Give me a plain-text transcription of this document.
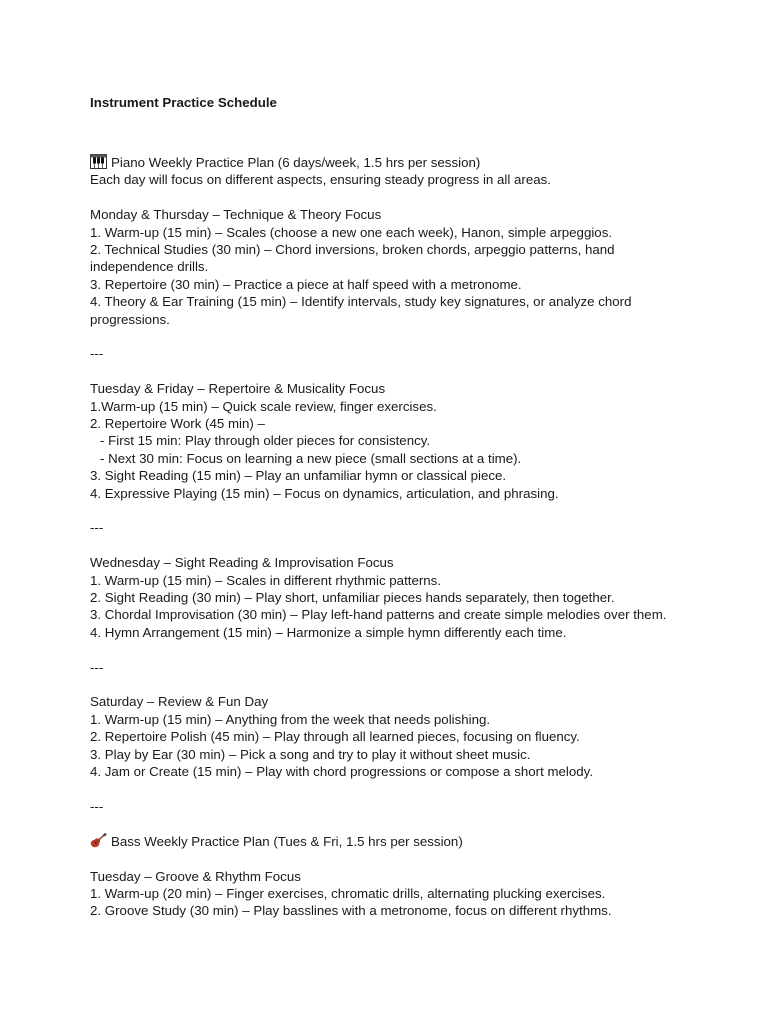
Instrument Practice Schedule

Piano Weekly Practice Plan (6 days/week, 1.5 hrs per session)

Each day will focus on different aspects, ensuring steady progress in all areas.

Monday & Thursday – Technique & Theory Focus

1. Warm-up (15 min) – Scales (choose a new one each week), Hanon, simple arpeggios.

2. Technical Studies (30 min) – Chord inversions, broken chords, arpeggio patterns, hand independence drills.

3. Repertoire (30 min) – Practice a piece at half speed with a metronome.

4. Theory & Ear Training (15 min) – Identify intervals, study key signatures, or analyze chord progressions.

---

Tuesday & Friday – Repertoire & Musicality Focus

1.Warm-up (15 min) – Quick scale review, finger exercises.

2. Repertoire Work (45 min) –

- First 15 min: Play through older pieces for consistency.

- Next 30 min: Focus on learning a new piece (small sections at a time).

3. Sight Reading (15 min) – Play an unfamiliar hymn or classical piece.

4. Expressive Playing (15 min) – Focus on dynamics, articulation, and phrasing.

---

Wednesday – Sight Reading & Improvisation Focus

1. Warm-up (15 min) – Scales in different rhythmic patterns.

2. Sight Reading (30 min) – Play short, unfamiliar pieces hands separately, then together.

3. Chordal Improvisation (30 min) – Play left-hand patterns and create simple melodies over them.

4. Hymn Arrangement (15 min) – Harmonize a simple hymn differently each time.

---

Saturday – Review & Fun Day

1. Warm-up (15 min) – Anything from the week that needs polishing.

2. Repertoire Polish (45 min) – Play through all learned pieces, focusing on fluency.

3. Play by Ear (30 min) – Pick a song and try to play it without sheet music.

4. Jam or Create (15 min) – Play with chord progressions or compose a short melody.

---

Bass Weekly Practice Plan (Tues & Fri, 1.5 hrs per session)

Tuesday – Groove & Rhythm Focus

1. Warm-up (20 min) – Finger exercises, chromatic drills, alternating plucking exercises.

2. Groove Study (30 min) – Play basslines with a metronome, focus on different rhythms.
